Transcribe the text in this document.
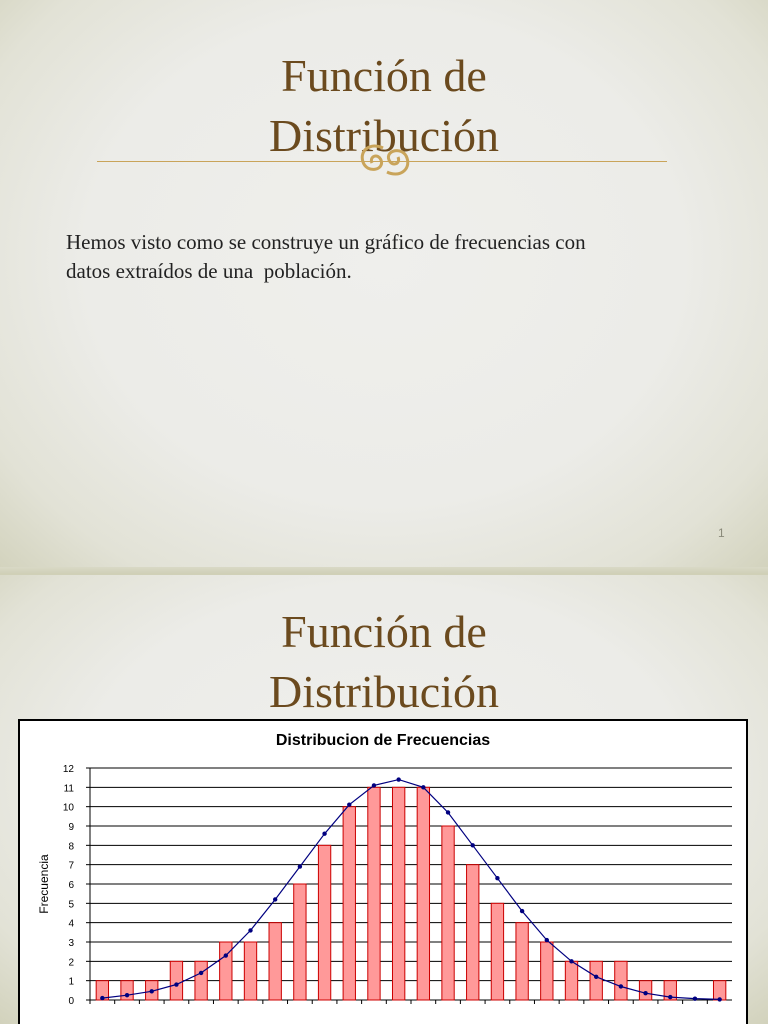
Función de
Distribución
Hemos visto como se construye un gráfico de frecuencias con
datos extraídos de una  población.
1
Función de
Distribución
Distribucion de Frecuencias
Frecuencia
0
1
2
3
4
5
6
7
8
9
10
11
12
